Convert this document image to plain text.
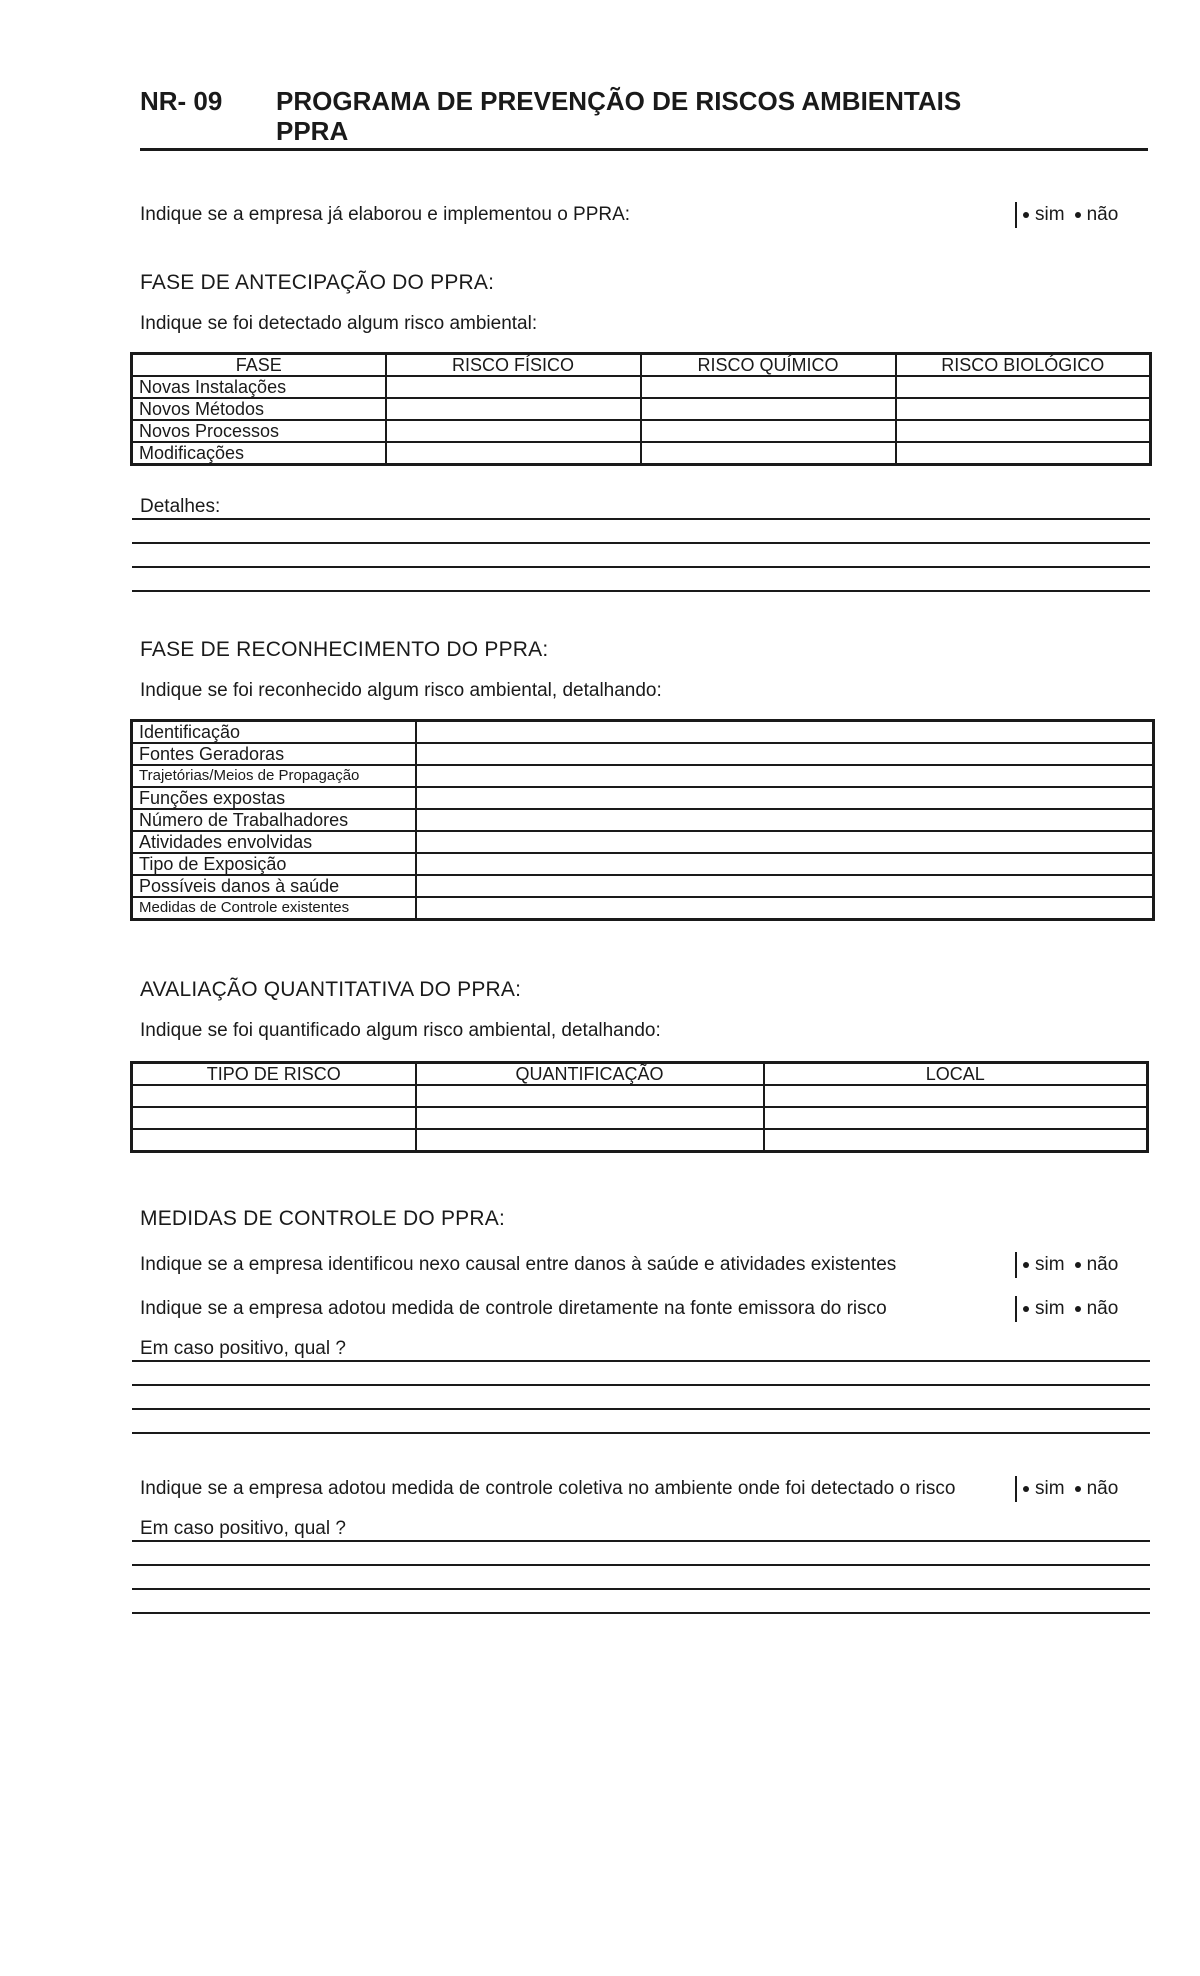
NR- 09 PROGRAMA DE PREVENÇÃO DE RISCOS AMBIENTAIS
PPRA
Indique se a empresa já elaborou e implementou o PPRA:	sim não
FASE DE ANTECIPAÇÃO DO PPRA:
Indique se foi detectado algum risco ambiental:
FASE	RISCO FÍSICO	RISCO QUÍMICO	RISCO BIOLÓGICO
Novas Instalações			
Novos Métodos			
Novos Processos			
Modificações			
Detalhes:
FASE DE RECONHECIMENTO DO PPRA:
Indique se foi reconhecido algum risco ambiental, detalhando:
Identificação	
Fontes Geradoras	
Trajetórias/Meios de Propagação	
Funções expostas	
Número de Trabalhadores	
Atividades envolvidas	
Tipo de Exposição	
Possíveis danos à saúde	
Medidas de Controle existentes	
AVALIAÇÃO QUANTITATIVA DO PPRA:
Indique se foi quantificado algum risco ambiental, detalhando:
TIPO DE RISCO	QUANTIFICAÇÃO	LOCAL

MEDIDAS DE CONTROLE DO PPRA:
Indique se a empresa identificou nexo causal entre danos à saúde e atividades existentes	sim não
Indique se a empresa adotou medida de controle diretamente na fonte emissora do risco	sim não
Em caso positivo, qual ?
Indique se a empresa adotou medida de controle coletiva no ambiente onde foi detectado o risco	sim não
Em caso positivo, qual ?
